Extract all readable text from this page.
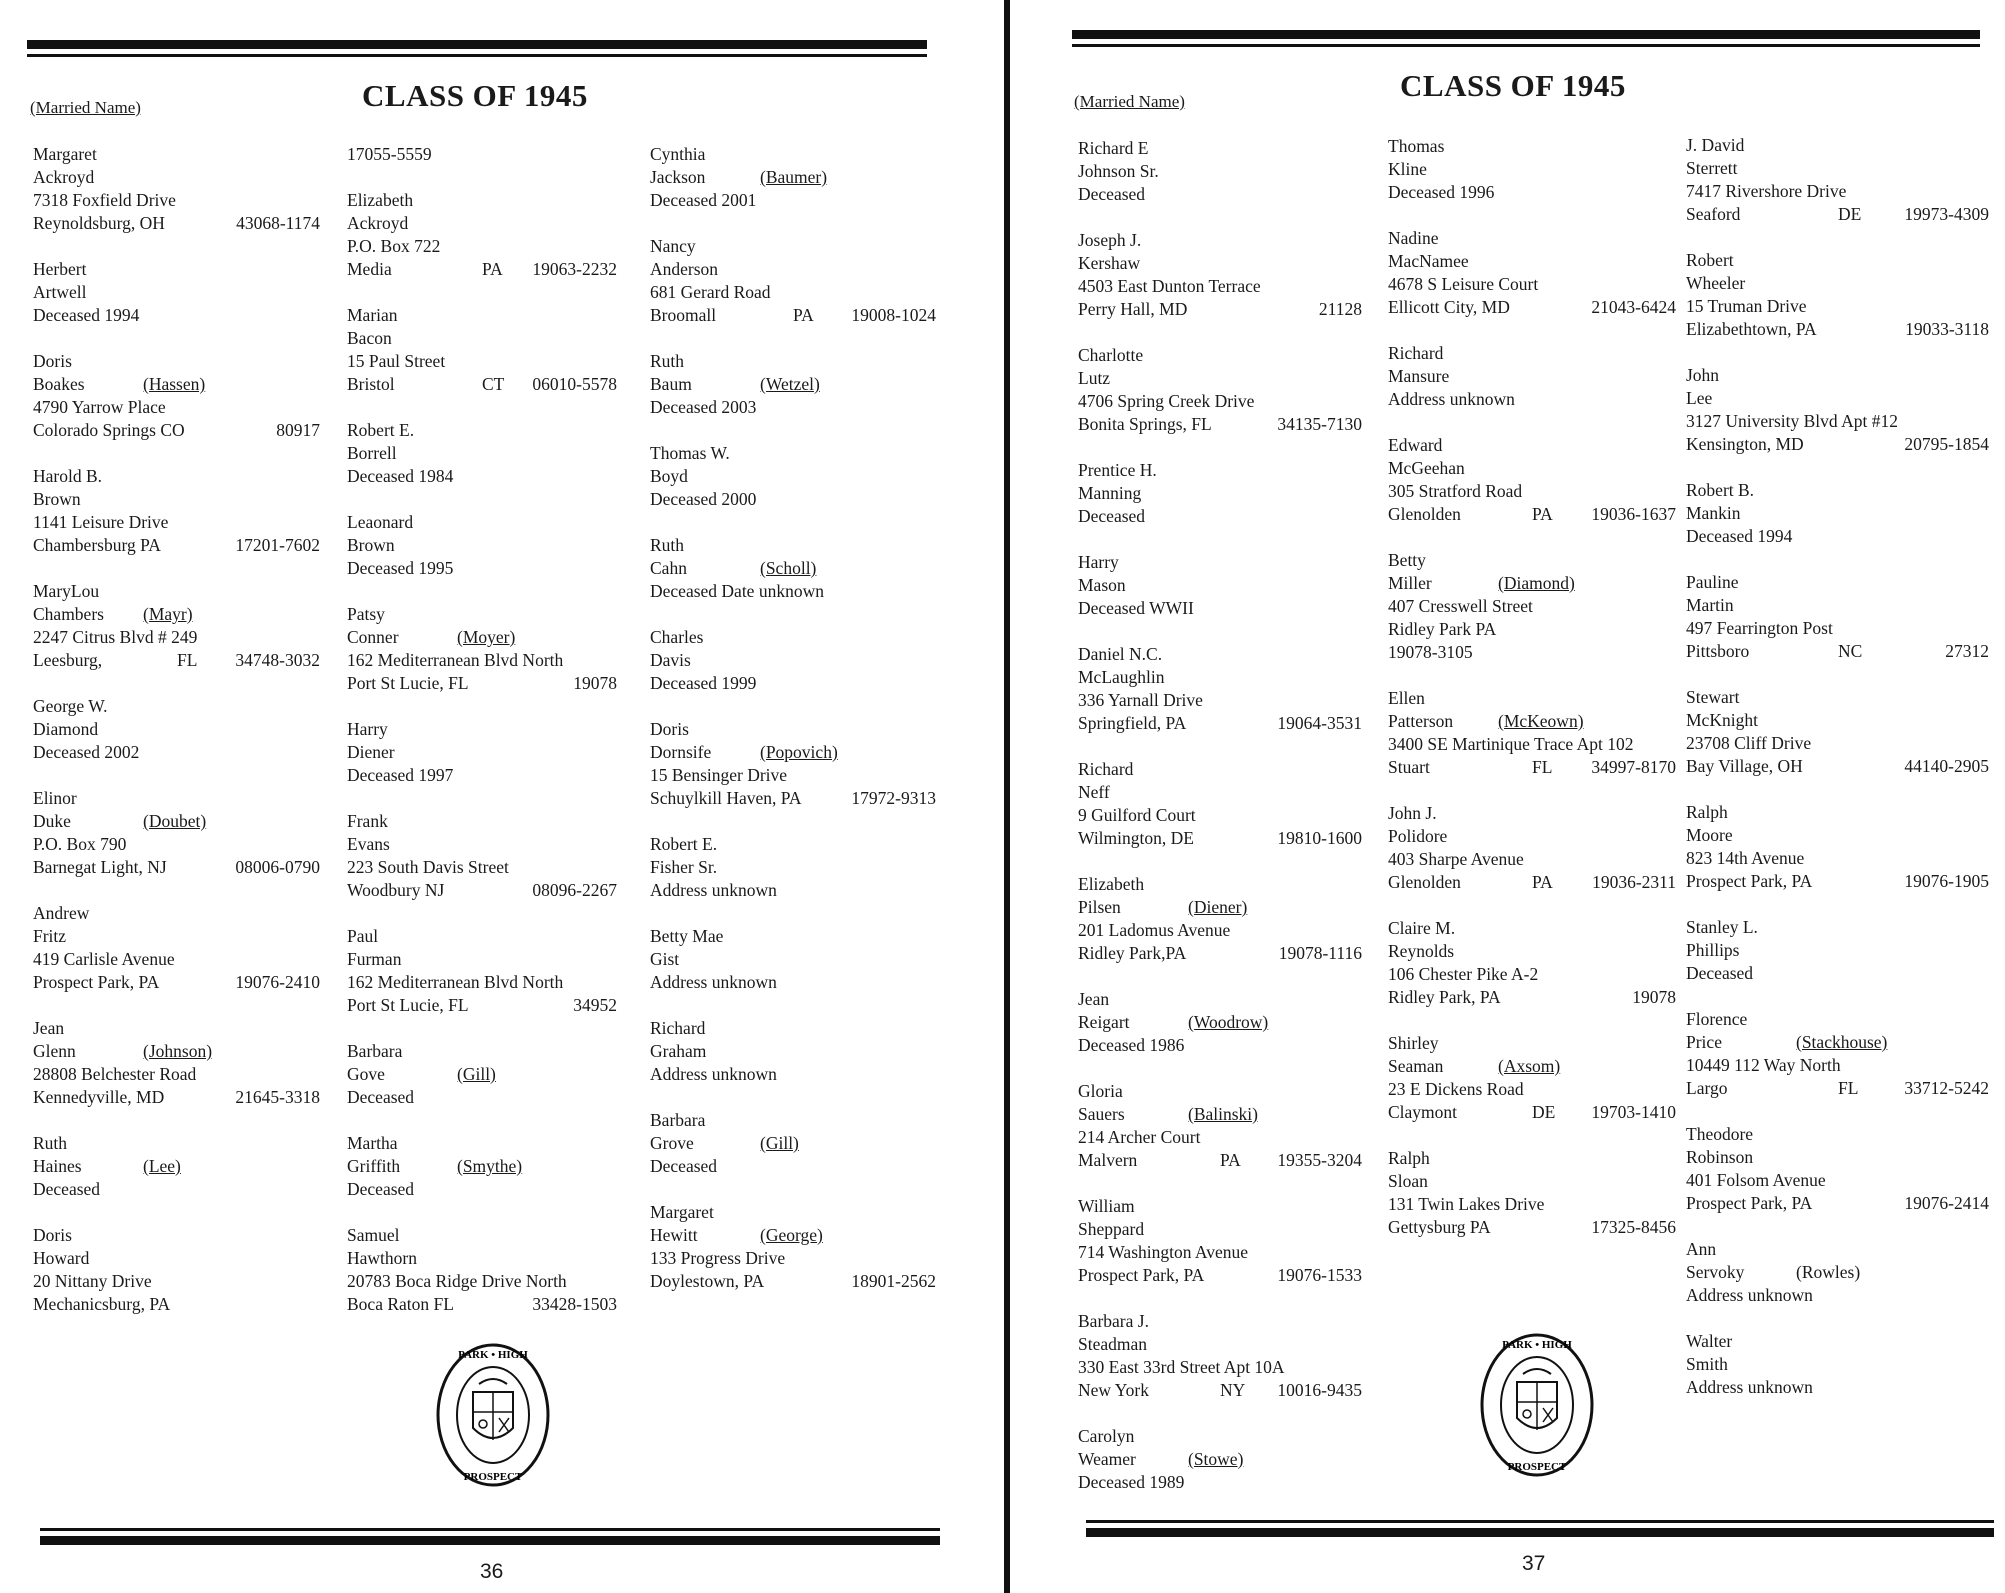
(Married Name)	CLASS OF 1945
Margaret
Ackroyd
7318 Foxfield Drive
Reynoldsburg, OH	43068-1174
Herbert
Artwell
Deceased 1994
Doris
Boakes	(Hassen)
4790 Yarrow Place
Colorado Springs CO	80917
Harold B.
Brown
1141 Leisure Drive
Chambersburg PA	17201-7602
MaryLou
Chambers (Mayr)
2247 Citrus Blvd # 249
Leesburg,	FL 34748-3032
George W.
Diamond
Deceased 2002
Elinor
Duke	(Doubet)
P.O. Box 790
Barnegat Light, NJ	08006-0790
Andrew
Fritz
419 Carlisle Avenue
Prospect Park, PA	19076-2410
Jean
Glenn	(Johnson)
28808 Belchester Road
Kennedyville, MD	21645-3318
Ruth
Haines	(Lee)
Deceased
Doris
Howard
20 Nittany Drive
Mechanicsburg, PA
17055-5559
Elizabeth
Ackroyd
P.O. Box 722
Media	PA 19063-2232
Marian
Bacon
15 Paul Street
Bristol	CT 06010-5578
Robert E.
Borrell
Deceased 1984
Leaonard
Brown
Deceased 1995
Patsy
Conner	(Moyer)
162 Mediterranean Blvd North
Port St Lucie, FL	19078
Harry
Diener
Deceased 1997
Frank
Evans
223 South Davis Street
Woodbury NJ	08096-2267
Paul
Furman
162 Mediterranean Blvd North
Port St Lucie, FL	34952
Barbara
Gove	(Gill)
Deceased
Martha
Griffith	(Smythe)
Deceased
Samuel
Hawthorn
20783 Boca Ridge Drive North
Boca Raton FL	33428-1503
Cynthia
Jackson	(Baumer)
Deceased 2001
Nancy
Anderson
681 Gerard Road
Broomall	PA 19008-1024
Ruth
Baum	(Wetzel)
Deceased 2003
Thomas W.
Boyd
Deceased 2000
Ruth
Cahn	(Scholl)
Deceased Date unknown
Charles
Davis
Deceased 1999
Doris
Dornsife	(Popovich)
15 Bensinger Drive
Schuylkill Haven, PA	17972-9313
Robert E.
Fisher Sr.
Address unknown
Betty Mae
Gist
Address unknown
Richard
Graham
Address unknown
Barbara
Grove	(Gill)
Deceased
Margaret
Hewitt	(George)
133 Progress Drive
Doylestown, PA	18901-2562
PARK • HIGH
PROSPECT
36
(Married Name)	CLASS OF 1945
Richard E
Johnson Sr.
Deceased
Joseph J.
Kershaw
4503 East Dunton Terrace
Perry Hall, MD	21128
Charlotte
Lutz
4706 Spring Creek Drive
Bonita Springs, FL	34135-7130
Prentice H.
Manning
Deceased
Harry
Mason
Deceased WWII
Daniel N.C.
McLaughlin
336 Yarnall Drive
Springfield, PA	19064-3531
Richard
Neff
9 Guilford Court
Wilmington, DE	19810-1600
Elizabeth
Pilsen	(Diener)
201 Ladomus Avenue
Ridley Park,PA	19078-1116
Jean
Reigart	(Woodrow)
Deceased 1986
Gloria
Sauers	(Balinski)
214 Archer Court
Malvern	PA 19355-3204
William
Sheppard
714 Washington Avenue
Prospect Park, PA	19076-1533
Barbara J.
Steadman
330 East 33rd Street Apt 10A
New York	NY 10016-9435
Carolyn
Weamer	(Stowe)
Deceased 1989
Thomas
Kline
Deceased 1996
Nadine
MacNamee
4678 S Leisure Court
Ellicott City, MD	21043-6424
Richard
Mansure
Address unknown
Edward
McGeehan
305 Stratford Road
Glenolden	PA 19036-1637
Betty
Miller	(Diamond)
407 Cresswell Street
Ridley Park PA
19078-3105
Ellen
Patterson	(McKeown)
3400 SE Martinique Trace Apt 102
Stuart	FL 34997-8170
John J.
Polidore
403 Sharpe Avenue
Glenolden	PA 19036-2311
Claire M.
Reynolds
106 Chester Pike A-2
Ridley Park, PA	19078
Shirley
Seaman	(Axsom)
23 E Dickens Road
Claymont	DE 19703-1410
Ralph
Sloan
131 Twin Lakes Drive
Gettysburg PA	17325-8456
J. David
Sterrett
7417 Rivershore Drive
Seaford	DE 19973-4309
Robert
Wheeler
15 Truman Drive
Elizabethtown, PA	19033-3118
John
Lee
3127 University Blvd Apt #12
Kensington, MD	20795-1854
Robert B.
Mankin
Deceased 1994
Pauline
Martin
497 Fearrington Post
Pittsboro	NC	27312
Stewart
McKnight
23708 Cliff Drive
Bay Village, OH	44140-2905
Ralph
Moore
823 14th Avenue
Prospect Park, PA	19076-1905
Stanley L.
Phillips
Deceased
Florence
Price	(Stackhouse)
10449 112 Way North
Largo	FL	33712-5242
Theodore
Robinson
401 Folsom Avenue
Prospect Park, PA	19076-2414
Ann
Servoky	(Rowles)
Address unknown
Walter
Smith
Address unknown
PARK • HIGH
PROSPECT
37
